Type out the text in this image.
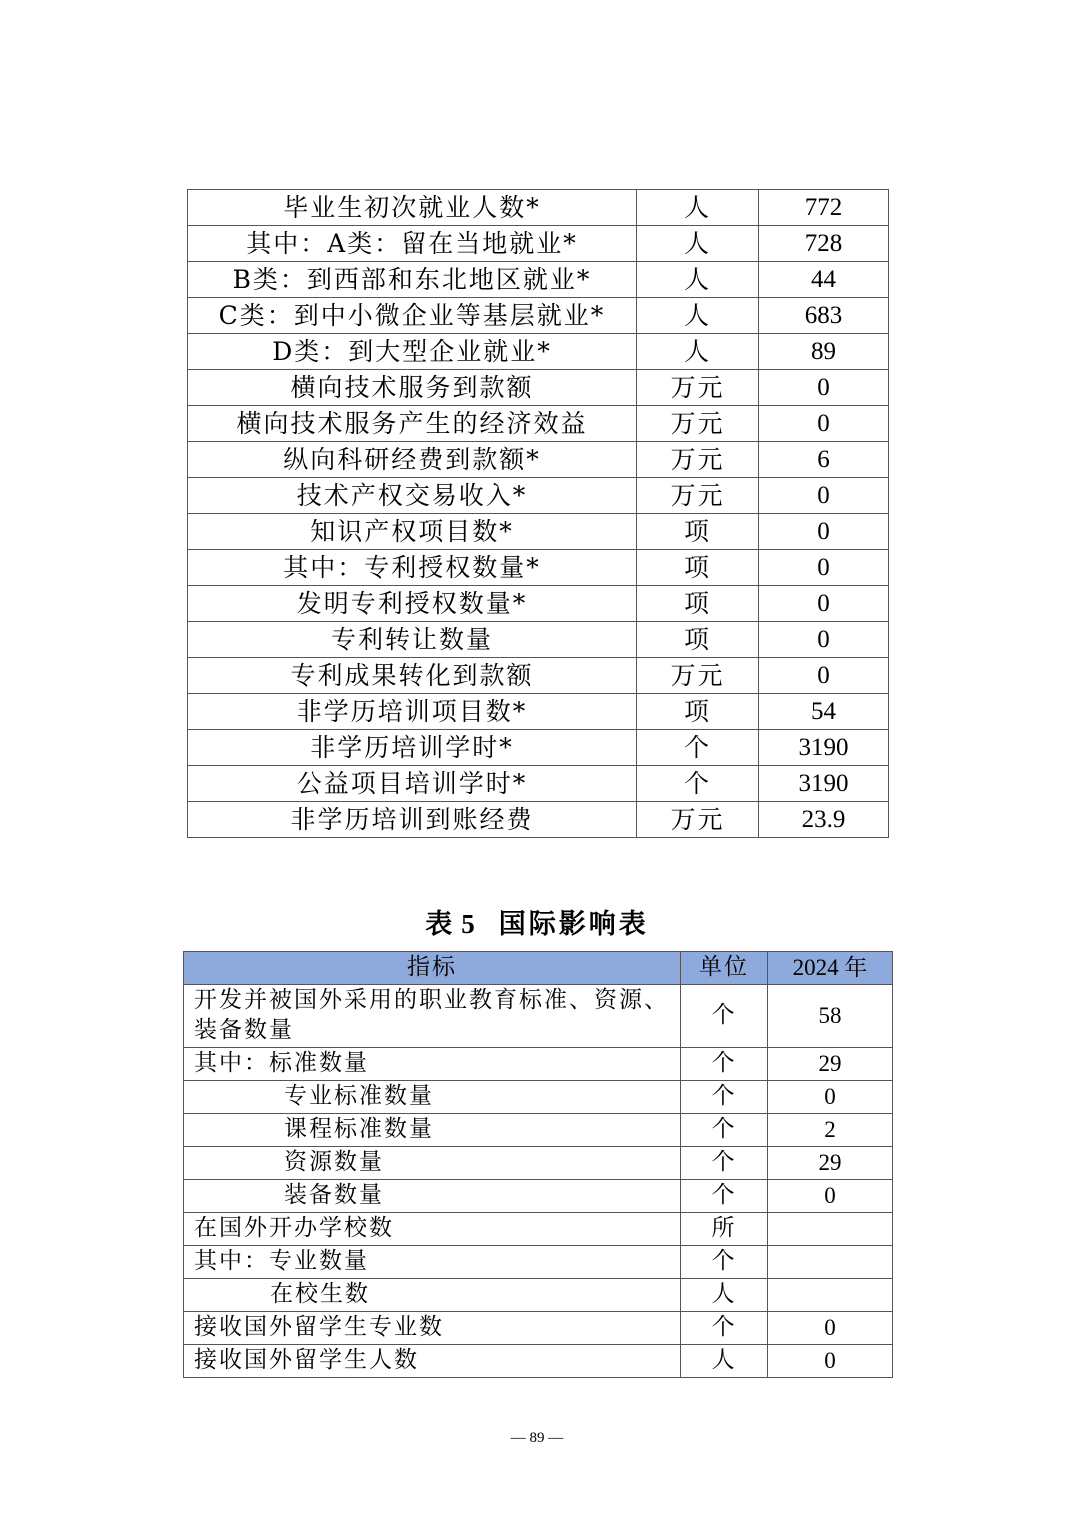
毕业生初次就业人数*	人	772
其中：A类：留在当地就业*	人	728
B类：到西部和东北地区就业*	人	44
C类：到中小微企业等基层就业*	人	683
D类：到大型企业就业*	人	89
横向技术服务到款额	万元	0
横向技术服务产生的经济效益	万元	0
纵向科研经费到款额*	万元	6
技术产权交易收入*	万元	0
知识产权项目数*	项	0
其中：专利授权数量*	项	0
发明专利授权数量*	项	0
专利转让数量	项	0
专利成果转化到款额	万元	0
非学历培训项目数*	项	54
非学历培训学时*	个	3190
公益项目培训学时*	个	3190
非学历培训到账经费	万元	23.9
表 5 国际影响表
指标	单位	2024 年
开发并被国外采用的职业教育标准、资源、装备数量	个	58
其中：标准数量	个	29
专业标准数量	个	0
课程标准数量	个	2
资源数量	个	29
装备数量	个	0
在国外开办学校数	所	
其中：专业数量	个	
在校生数	人	
接收国外留学生专业数	个	0
接收国外留学生人数	人	0
— 89 —
